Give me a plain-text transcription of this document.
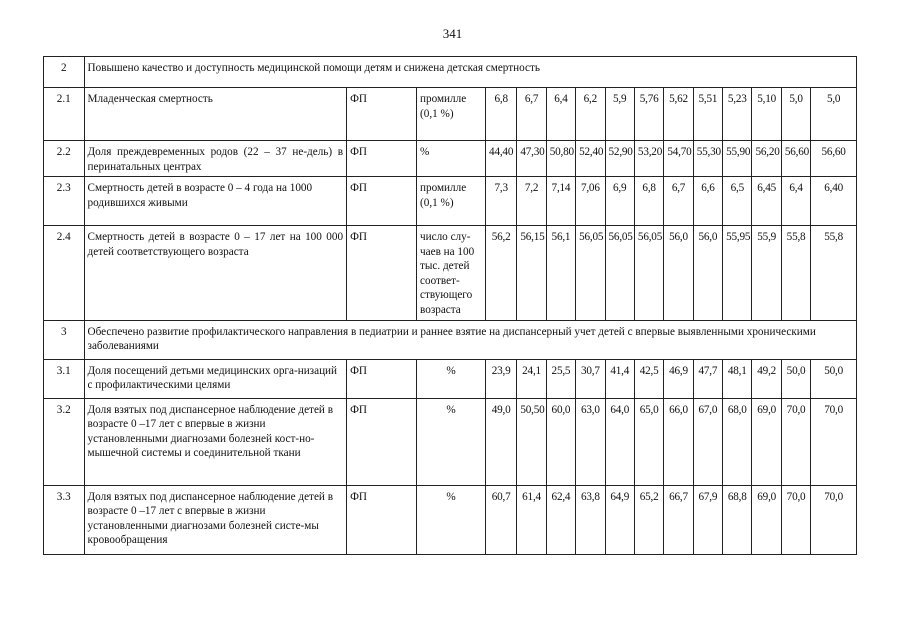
341
2	Повышено качество и доступность медицинской помощи детям и снижена детская смертность														
2.1	Младенческая смертность	ФП	промилле (0,1 %)	6,8	6,7	6,4	6,2	5,9	5,76	5,62	5,51	5,23	5,10	5,0	5,0
2.2	Доля преждевременных родов (22 – 37 не-дель) в перинатальных центрах	ФП	%	44,40	47,30	50,80	52,40	52,90	53,20	54,70	55,30	55,90	56,20	56,60	56,60
2.3	Смертность детей в возрасте 0 – 4 года на 1000 родившихся живыми	ФП	промилле (0,1 %)	7,3	7,2	7,14	7,06	6,9	6,8	6,7	6,6	6,5	6,45	6,4	6,40
2.4	Смертность детей в возрасте 0 – 17 лет на 100 000 детей соответствующего возраста	ФП	число слу-чаев на 100 тыс. детей соответ-ствующего возраста	56,2	56,15	56,1	56,05	56,05	56,05	56,0	56,0	55,95	55,9	55,8	55,8
3	Обеспечено развитие профилактического направления в педиатрии и раннее взятие на диспансерный учет детей с впервые выявленными хроническими заболеваниями														
3.1	Доля посещений детьми медицинских орга-низаций с профилактическими целями	ФП	%	23,9	24,1	25,5	30,7	41,4	42,5	46,9	47,7	48,1	49,2	50,0	50,0
3.2	Доля взятых под диспансерное наблюдение детей в возрасте 0 –17 лет с впервые в жизни установленными диагнозами болезней кост-но-мышечной системы и соединительной ткани	ФП	%	49,0	50,50	60,0	63,0	64,0	65,0	66,0	67,0	68,0	69,0	70,0	70,0
3.3	Доля взятых под диспансерное наблюдение детей в возрасте 0 –17 лет с впервые в жизни установленными диагнозами болезней систе-мы кровообращения	ФП	%	60,7	61,4	62,4	63,8	64,9	65,2	66,7	67,9	68,8	69,0	70,0	70,0
